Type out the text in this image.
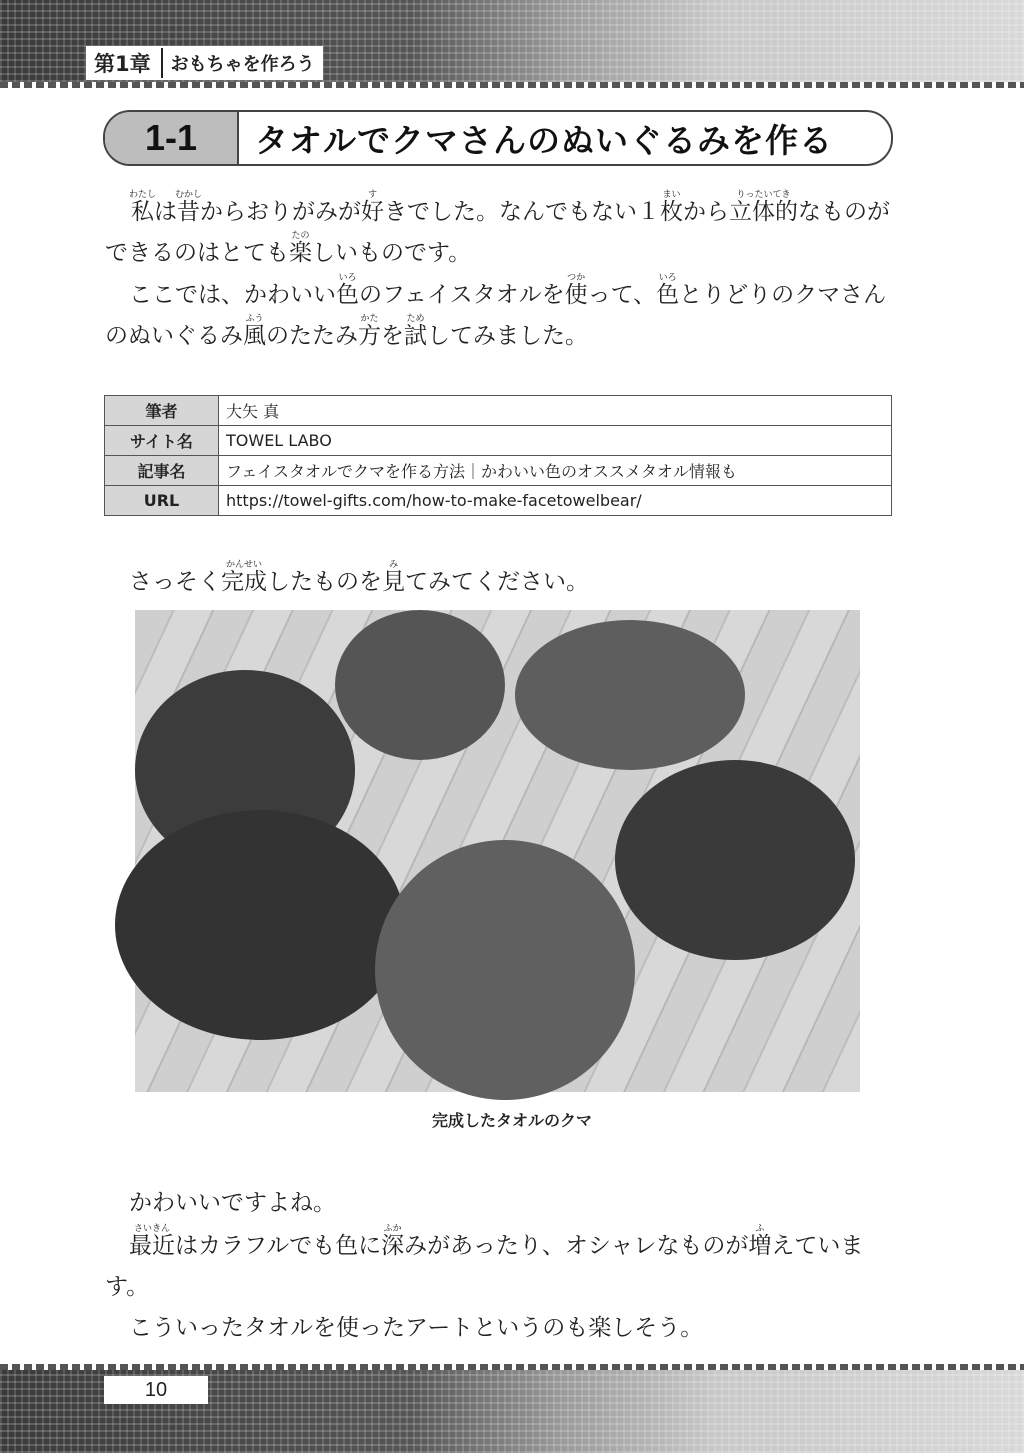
第1章	おもちゃを作ろう
1-1	タオルでクマさんのぬいぐるみを作る

私わたしは昔むかしからおりがみが好すきでした。なんでもない１枚まいから立体的りったいてきなものができるのはとても楽たのしいものです。

ここでは、かわいい色いろのフェイスタオルを使つかって、色いろとりどりのクマさんのぬいぐるみ風ふうのたたみ方かたを試ためしてみました。

筆者	大矢 真
サイト名	TOWEL LABO
記事名	フェイスタオルでクマを作る方法｜かわいい色のオススメタオル情報も
URL	https://towel-gifts.com/how-to-make-facetowelbear/

さっそく完成かんせいしたものを見みてみてください。

完成したタオルのクマ

かわいいですよね。

最近さいきんはカラフルでも色に深ふかみがあったり、オシャレなものが増ふえています。

こういったタオルを使ったアートというのも楽しそう。

10
